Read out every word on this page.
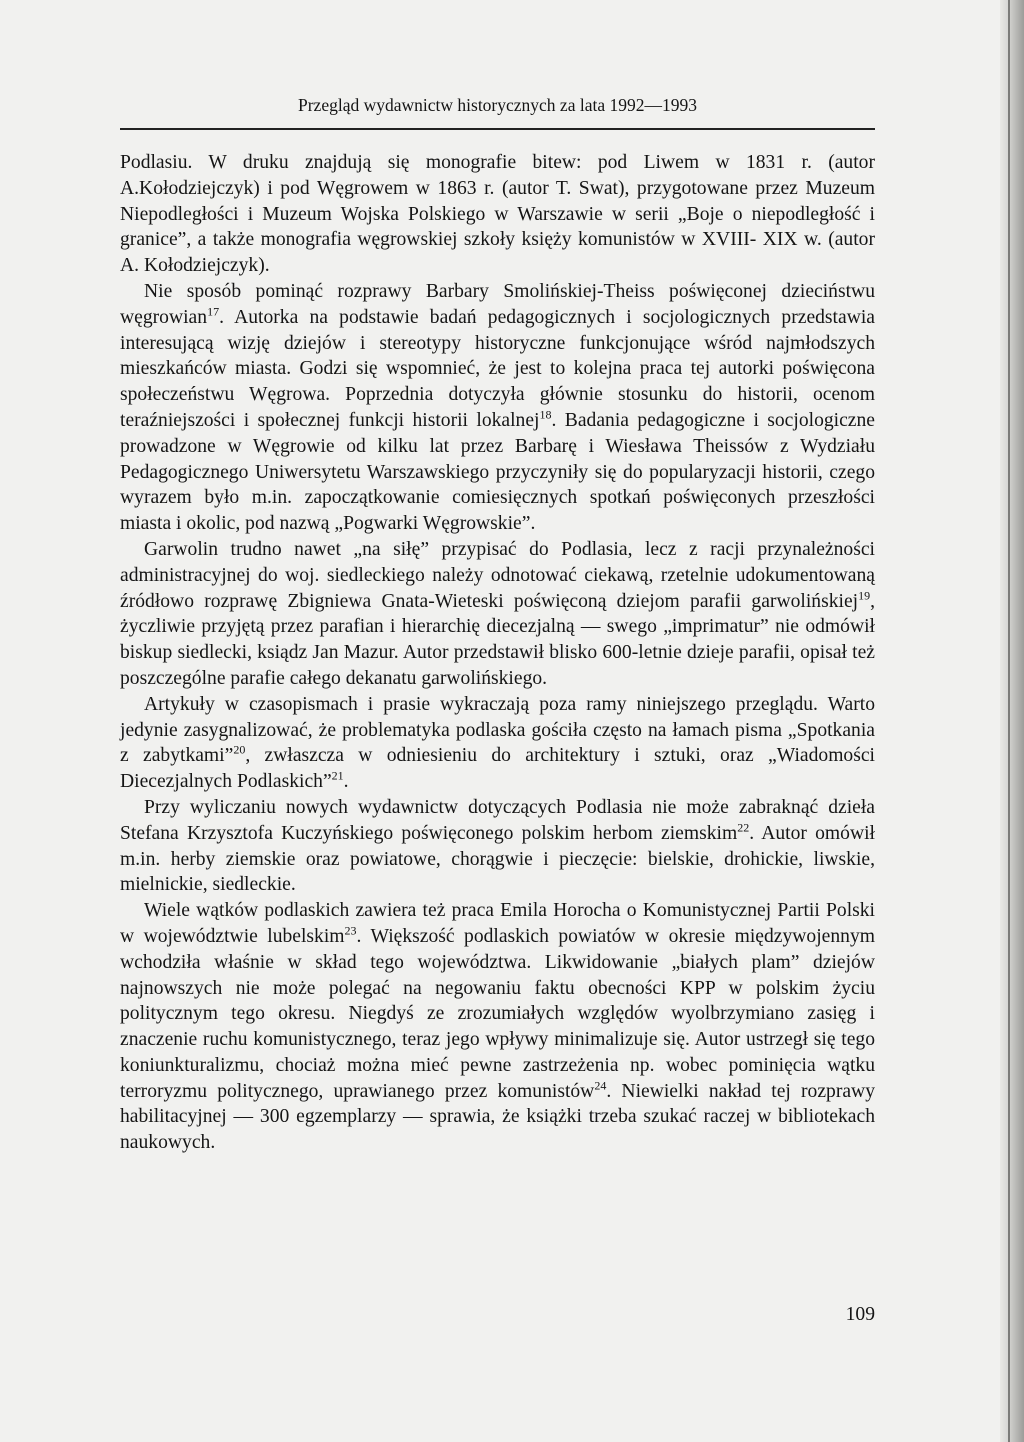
Przegląd wydawnictw historycznych za lata 1992—1993

Podlasiu. W druku znajdują się monografie bitew: pod Liwem w 1831 r. (autor A.Kołodziejczyk) i pod Węgrowem w 1863 r. (autor T. Swat), przygotowane przez Muzeum Niepodległości i Muzeum Wojska Polskiego w Warszawie w serii „Boje o niepodległość i granice”, a także monografia węgrowskiej szkoły księży komunistów w XVIII- XIX w. (autor A. Kołodziejczyk).

Nie sposób pominąć rozprawy Barbary Smolińskiej-Theiss poświęconej dzieciństwu węgrowian$^{17}$. Autorka na podstawie badań pedagogicznych i socjologicznych przedstawia interesującą wizję dziejów i stereotypy historyczne funkcjonujące wśród najmłodszych mieszkańców miasta. Godzi się wspomnieć, że jest to kolejna praca tej autorki poświęcona społeczeństwu Węgrowa. Poprzednia dotyczyła głównie stosunku do historii, ocenom teraźniejszości i społecznej funkcji historii lokalnej$^{18}$. Badania pedagogiczne i socjologiczne prowadzone w Węgrowie od kilku lat przez Barbarę i Wiesława Theissów z Wydziału Pedagogicznego Uniwersytetu Warszawskiego przyczyniły się do popularyzacji historii, czego wyrazem było m.in. zapoczątkowanie comiesięcznych spotkań poświęconych przeszłości miasta i okolic, pod nazwą „Pogwarki Węgrowskie”.

Garwolin trudno nawet „na siłę” przypisać do Podlasia, lecz z racji przynależności administracyjnej do woj. siedleckiego należy odnotować ciekawą, rzetelnie udokumentowaną źródłowo rozprawę Zbigniewa Gnata-Wieteski poświęconą dziejom parafii garwolińskiej$^{19}$, życzliwie przyjętą przez parafian i hierarchię diecezjalną — swego „imprimatur” nie odmówił biskup siedlecki, ksiądz Jan Mazur. Autor przedstawił blisko 600-letnie dzieje parafii, opisał też poszczególne parafie całego dekanatu garwolińskiego.

Artykuły w czasopismach i prasie wykraczają poza ramy niniejszego przeglądu. Warto jedynie zasygnalizować, że problematyka podlaska gościła często na łamach pisma „Spotkania z zabytkami”$^{20}$, zwłaszcza w odniesieniu do architektury i sztuki, oraz „Wiadomości Diecezjalnych Podlaskich”$^{21}$.

Przy wyliczaniu nowych wydawnictw dotyczących Podlasia nie może zabraknąć dzieła Stefana Krzysztofa Kuczyńskiego poświęconego polskim herbom ziemskim$^{22}$. Autor omówił m.in. herby ziemskie oraz powiatowe, chorągwie i pieczęcie: bielskie, drohickie, liwskie, mielnickie, siedleckie.

Wiele wątków podlaskich zawiera też praca Emila Horocha o Komunistycznej Partii Polski w województwie lubelskim$^{23}$. Większość podlaskich powiatów w okresie międzywojennym wchodziła właśnie w skład tego województwa. Likwidowanie „białych plam” dziejów najnowszych nie może polegać na negowaniu faktu obecności KPP w polskim życiu politycznym tego okresu. Niegdyś ze zrozumiałych względów wyolbrzymiano zasięg i znaczenie ruchu komunistycznego, teraz jego wpływy minimalizuje się. Autor ustrzegł się tego koniunkturalizmu, chociaż można mieć pewne zastrzeżenia np. wobec pominięcia wątku terroryzmu politycznego, uprawianego przez komunistów$^{24}$. Niewielki nakład tej rozprawy habilitacyjnej — 300 egzemplarzy — sprawia, że książki trzeba szukać raczej w bibliotekach naukowych.

109
